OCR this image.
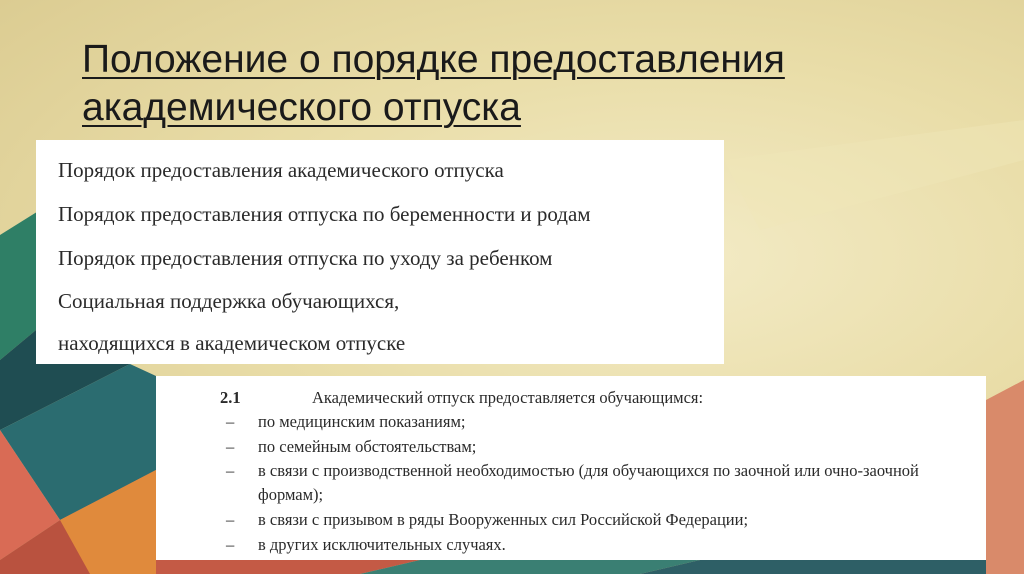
Положение о порядке предоставления академического отпуска

Порядок предоставления академического отпуска

Порядок предоставления отпуска по беременности и родам

Порядок предоставления отпуска по уходу за ребенком

Социальная поддержка обучающихся, находящихся в академическом отпуске

2.1	Академический отпуск предоставляется обучающимся:
– по медицинским показаниям;
– по семейным обстоятельствам;
–	в связи с производственной необходимостью (для обучающихся по заочной или очно-заочной формам);
– в связи с призывом в ряды Вооруженных сил Российской Федерации;
– в других исключительных случаях.
